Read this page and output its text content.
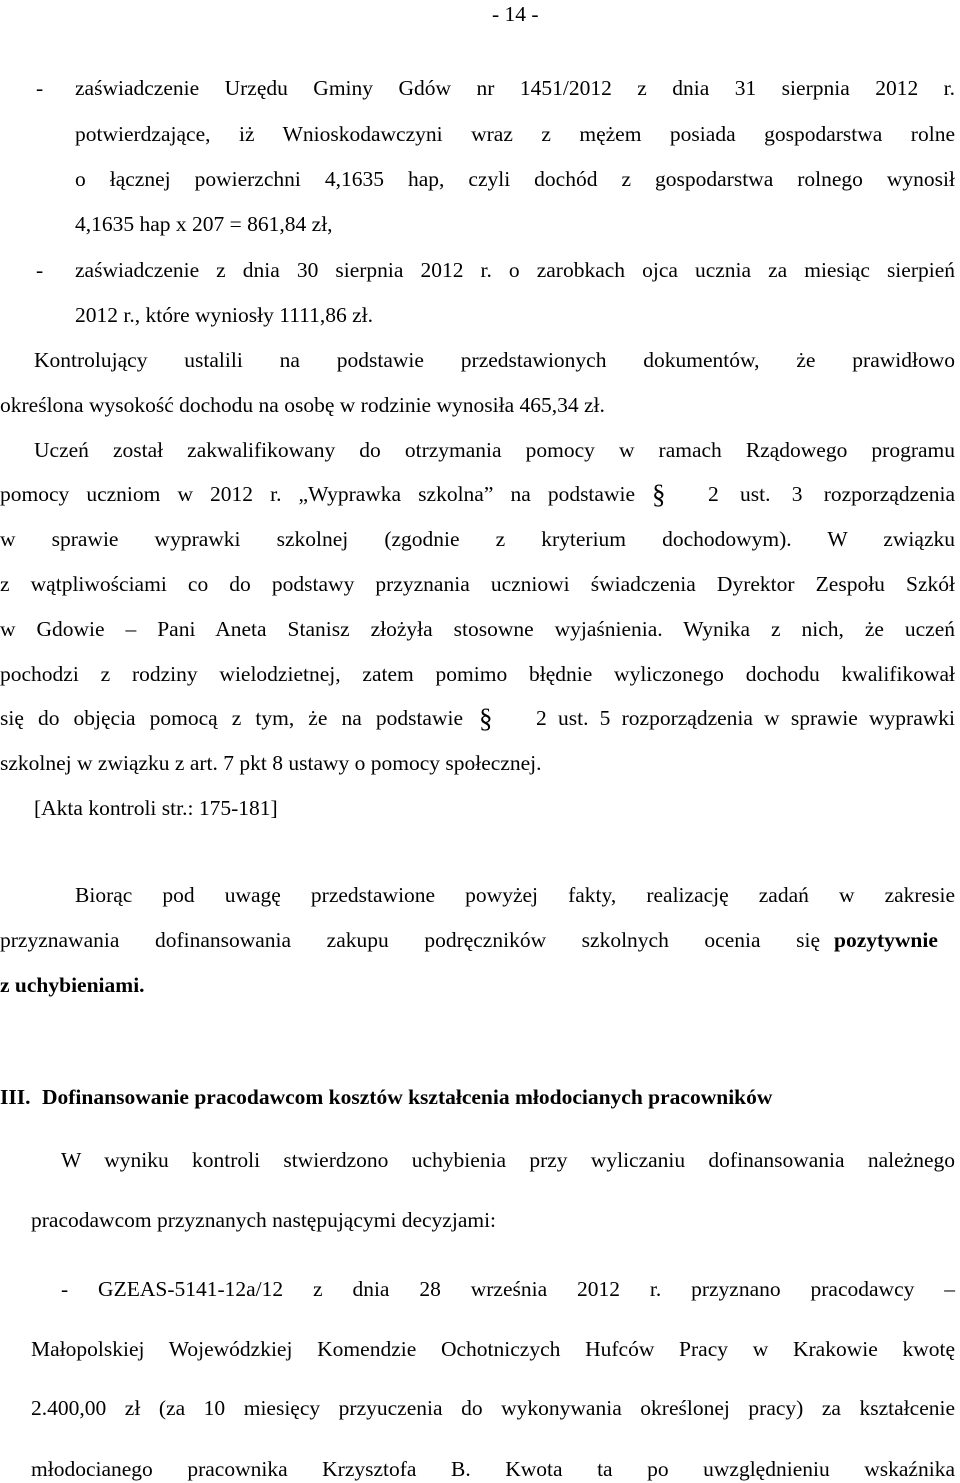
- 14 -
- zaświadczenie Urzędu Gminy Gdów nr 1451/2012 z dnia 31 sierpnia 2012 r.
potwierdzające, iż Wnioskodawczyni wraz z mężem posiada gospodarstwa rolne
o łącznej powierzchni 4,1635 hap, czyli dochód z gospodarstwa rolnego wynosił
4,1635 hap x 207 = 861,84 zł,
- zaświadczenie z dnia 30 sierpnia 2012 r. o zarobkach ojca ucznia za miesiąc sierpień
2012 r., które wyniosły 1111,86 zł.
Kontrolujący ustalili na podstawie przedstawionych dokumentów, że prawidłowo
określona wysokość dochodu na osobę w rodzinie wynosiła 465,34 zł.
Uczeń został zakwalifikowany do otrzymania pomocy w ramach Rządowego programu
pomocy uczniom w 2012 r. „Wyprawka szkolna” na podstawie § 2 ust. 3 rozporządzenia
w sprawie wyprawki szkolnej (zgodnie z kryterium dochodowym). W związku
z wątpliwościami co do podstawy przyznania uczniowi świadczenia Dyrektor Zespołu Szkół
w Gdowie – Pani Aneta Stanisz złożyła stosowne wyjaśnienia. Wynika z nich, że uczeń
pochodzi z rodziny wielodzietnej, zatem pomimo błędnie wyliczonego dochodu kwalifikował
się do objęcia pomocą z tym, że na podstawie § 2 ust. 5 rozporządzenia w sprawie wyprawki
szkolnej w związku z art. 7 pkt 8 ustawy o pomocy społecznej.
[Akta kontroli str.: 175-181]
Biorąc pod uwagę przedstawione powyżej fakty, realizację zadań w zakresie
przyznawania dofinansowania zakupu podręczników szkolnych ocenia się pozytywnie
z uchybieniami.
III. Dofinansowanie pracodawcom kosztów kształcenia młodocianych pracowników
W wyniku kontroli stwierdzono uchybienia przy wyliczaniu dofinansowania należnego
pracodawcom przyznanych następującymi decyzjami:
- GZEAS-5141-12a/12 z dnia 28 września 2012 r. przyznano pracodawcy –
Małopolskiej Wojewódzkiej Komendzie Ochotniczych Hufców Pracy w Krakowie kwotę
2.400,00 zł (za 10 miesięcy przyuczenia do wykonywania określonej pracy) za kształcenie
młodocianego pracownika Krzysztofa B. Kwota ta po uwzględnieniu wskaźnika
